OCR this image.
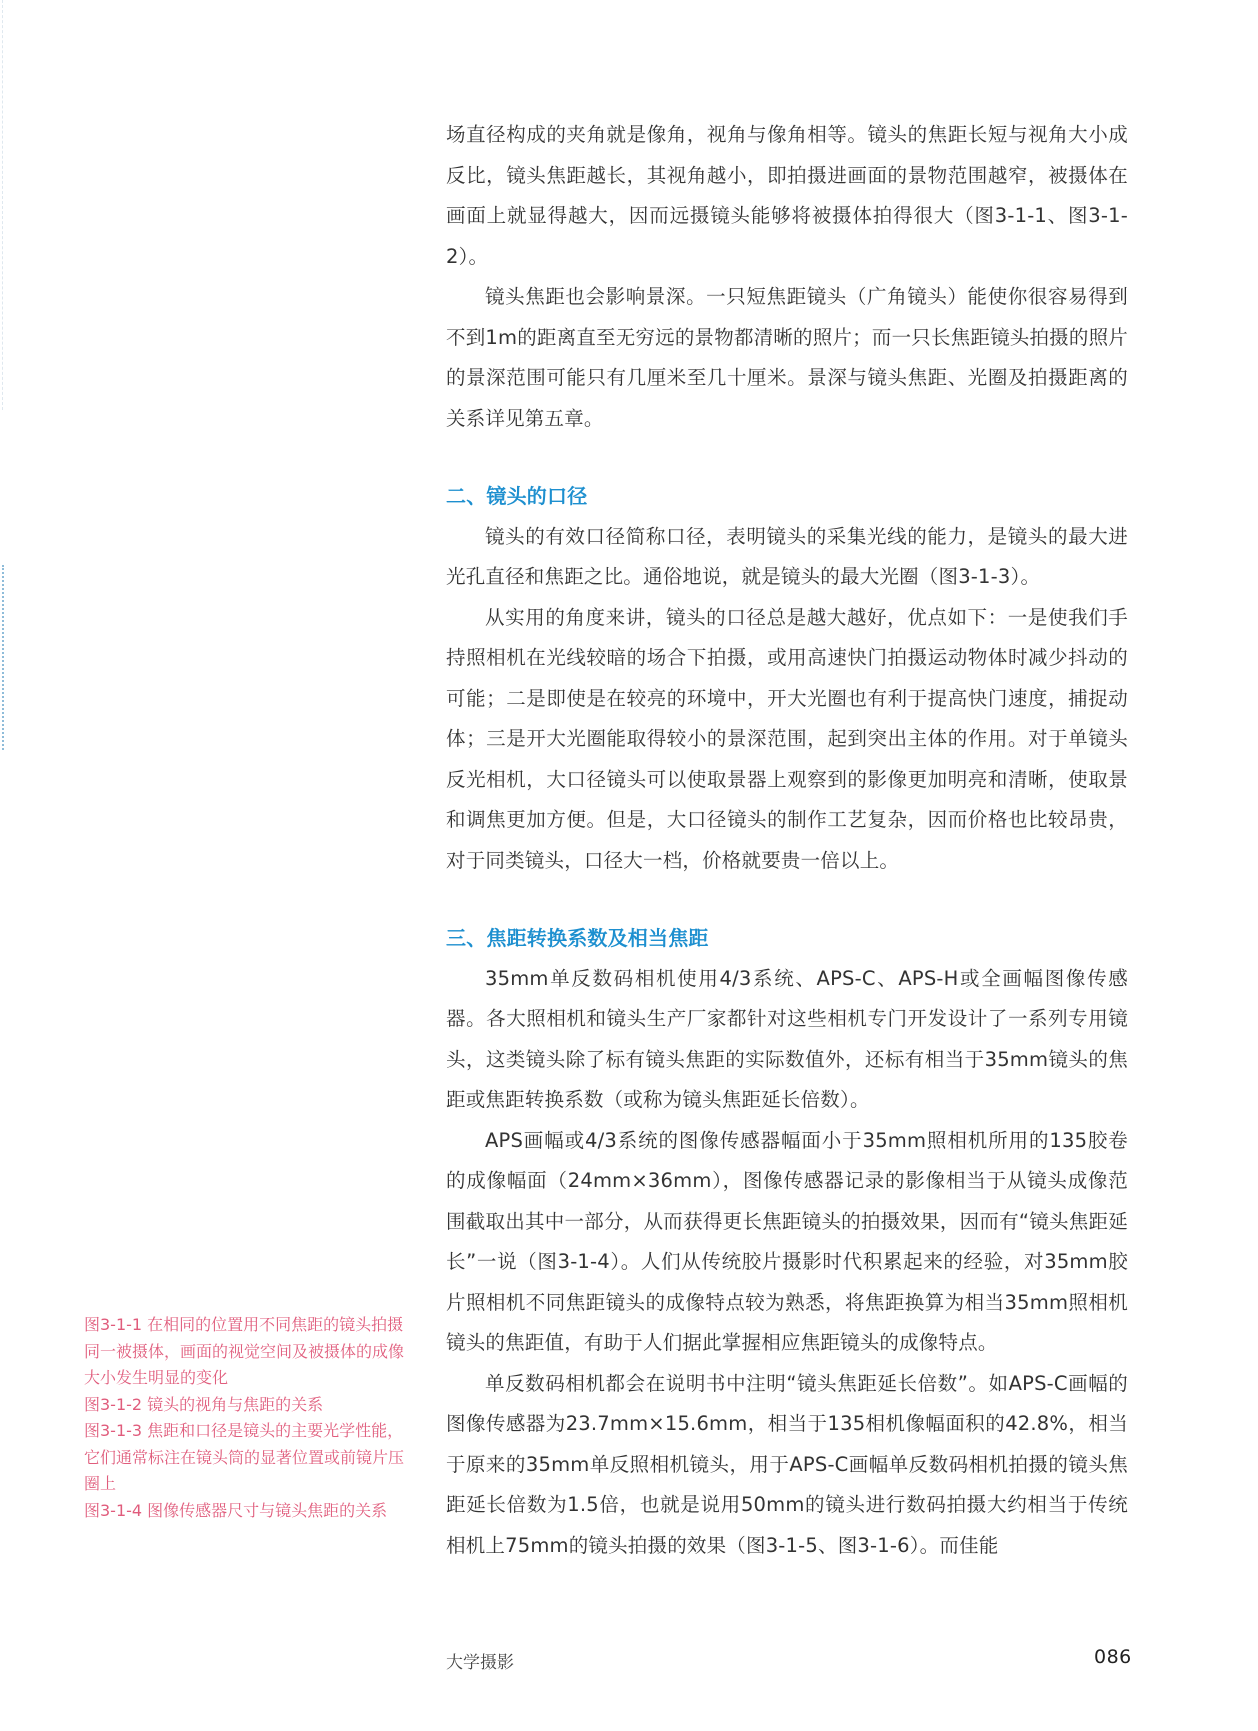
场直径构成的夹角就是像角，视角与像角相等。镜头的焦距长短与视角大小成反比，镜头焦距越长，其视角越小，即拍摄进画面的景物范围越窄，被摄体在画面上就显得越大，因而远摄镜头能够将被摄体拍得很大（图3-1-1、图3-1-2）。

镜头焦距也会影响景深。一只短焦距镜头（广角镜头）能使你很容易得到不到1m的距离直至无穷远的景物都清晰的照片；而一只长焦距镜头拍摄的照片的景深范围可能只有几厘米至几十厘米。景深与镜头焦距、光圈及拍摄距离的关系详见第五章。

二、镜头的口径

镜头的有效口径简称口径，表明镜头的采集光线的能力，是镜头的最大进光孔直径和焦距之比。通俗地说，就是镜头的最大光圈（图3-1-3）。

从实用的角度来讲，镜头的口径总是越大越好，优点如下：一是使我们手持照相机在光线较暗的场合下拍摄，或用高速快门拍摄运动物体时减少抖动的可能；二是即使是在较亮的环境中，开大光圈也有利于提高快门速度，捕捉动体；三是开大光圈能取得较小的景深范围，起到突出主体的作用。对于单镜头反光相机，大口径镜头可以使取景器上观察到的影像更加明亮和清晰，使取景和调焦更加方便。但是，大口径镜头的制作工艺复杂，因而价格也比较昂贵，对于同类镜头，口径大一档，价格就要贵一倍以上。

三、焦距转换系数及相当焦距

35mm单反数码相机使用4/3系统、APS-C、APS-H或全画幅图像传感器。各大照相机和镜头生产厂家都针对这些相机专门开发设计了一系列专用镜头，这类镜头除了标有镜头焦距的实际数值外，还标有相当于35mm镜头的焦距或焦距转换系数（或称为镜头焦距延长倍数）。

APS画幅或4/3系统的图像传感器幅面小于35mm照相机所用的135胶卷的成像幅面（24mm×36mm），图像传感器记录的影像相当于从镜头成像范围截取出其中一部分，从而获得更长焦距镜头的拍摄效果，因而有“镜头焦距延长”一说（图3-1-4）。人们从传统胶片摄影时代积累起来的经验，对35mm胶片照相机不同焦距镜头的成像特点较为熟悉，将焦距换算为相当35mm照相机镜头的焦距值，有助于人们据此掌握相应焦距镜头的成像特点。

单反数码相机都会在说明书中注明“镜头焦距延长倍数”。如APS-C画幅的图像传感器为23.7mm×15.6mm，相当于135相机像幅面积的42.8%，相当于原来的35mm单反照相机镜头，用于APS-C画幅单反数码相机拍摄的镜头焦距延长倍数为1.5倍，也就是说用50mm的镜头进行数码拍摄大约相当于传统相机上75mm的镜头拍摄的效果（图3-1-5、图3-1-6）。而佳能

图3-1-1 在相同的位置用不同焦距的镜头拍摄同一被摄体，画面的视觉空间及被摄体的成像大小发生明显的变化

图3-1-2 镜头的视角与焦距的关系

图3-1-3 焦距和口径是镜头的主要光学性能，它们通常标注在镜头筒的显著位置或前镜片压圈上

图3-1-4 图像传感器尺寸与镜头焦距的关系

大学摄影	086
